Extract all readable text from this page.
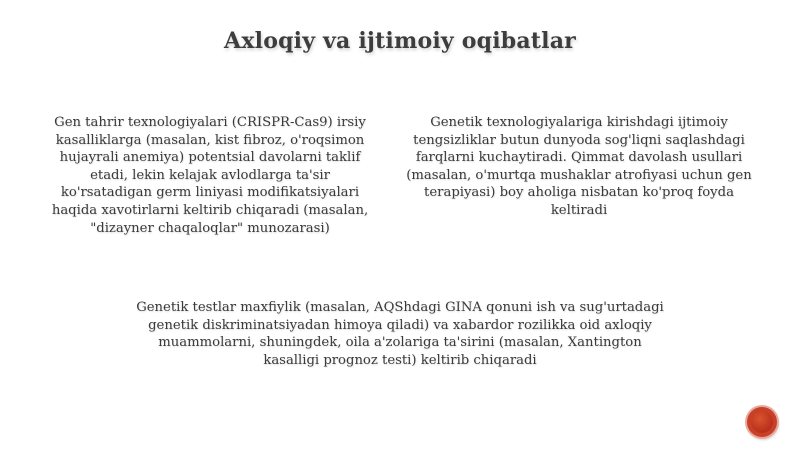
Axloqiy va ijtimoiy oqibatlar
Gen tahrir texnologiyalari (CRISPR-Cas9) irsiy kasalliklarga (masalan, kist fibroz, o'roqsimon hujayrali anemiya) potentsial davolarni taklif etadi, lekin kelajak avlodlarga ta'sir ko'rsatadigan germ liniyasi modifikatsiyalari haqida xavotirlarni keltirib chiqaradi (masalan, "dizayner chaqaloqlar" munozarasi)
Genetik texnologiyalariga kirishdagi ijtimoiy tengsizliklar butun dunyoda sog'liqni saqlashdagi farqlarni kuchaytiradi. Qimmat davolash usullari (masalan, o'murtqa mushaklar atrofiyasi uchun gen terapiyasi) boy aholiga nisbatan ko'proq foyda keltiradi
Genetik testlar maxfiylik (masalan, AQShdagi GINA qonuni ish va sug'urtadagi genetik diskriminatsiyadan himoya qiladi) va xabardor rozilikka oid axloqiy muammolarni, shuningdek, oila a'zolariga ta'sirini (masalan, Xantington kasalligi prognoz testi) keltirib chiqaradi
